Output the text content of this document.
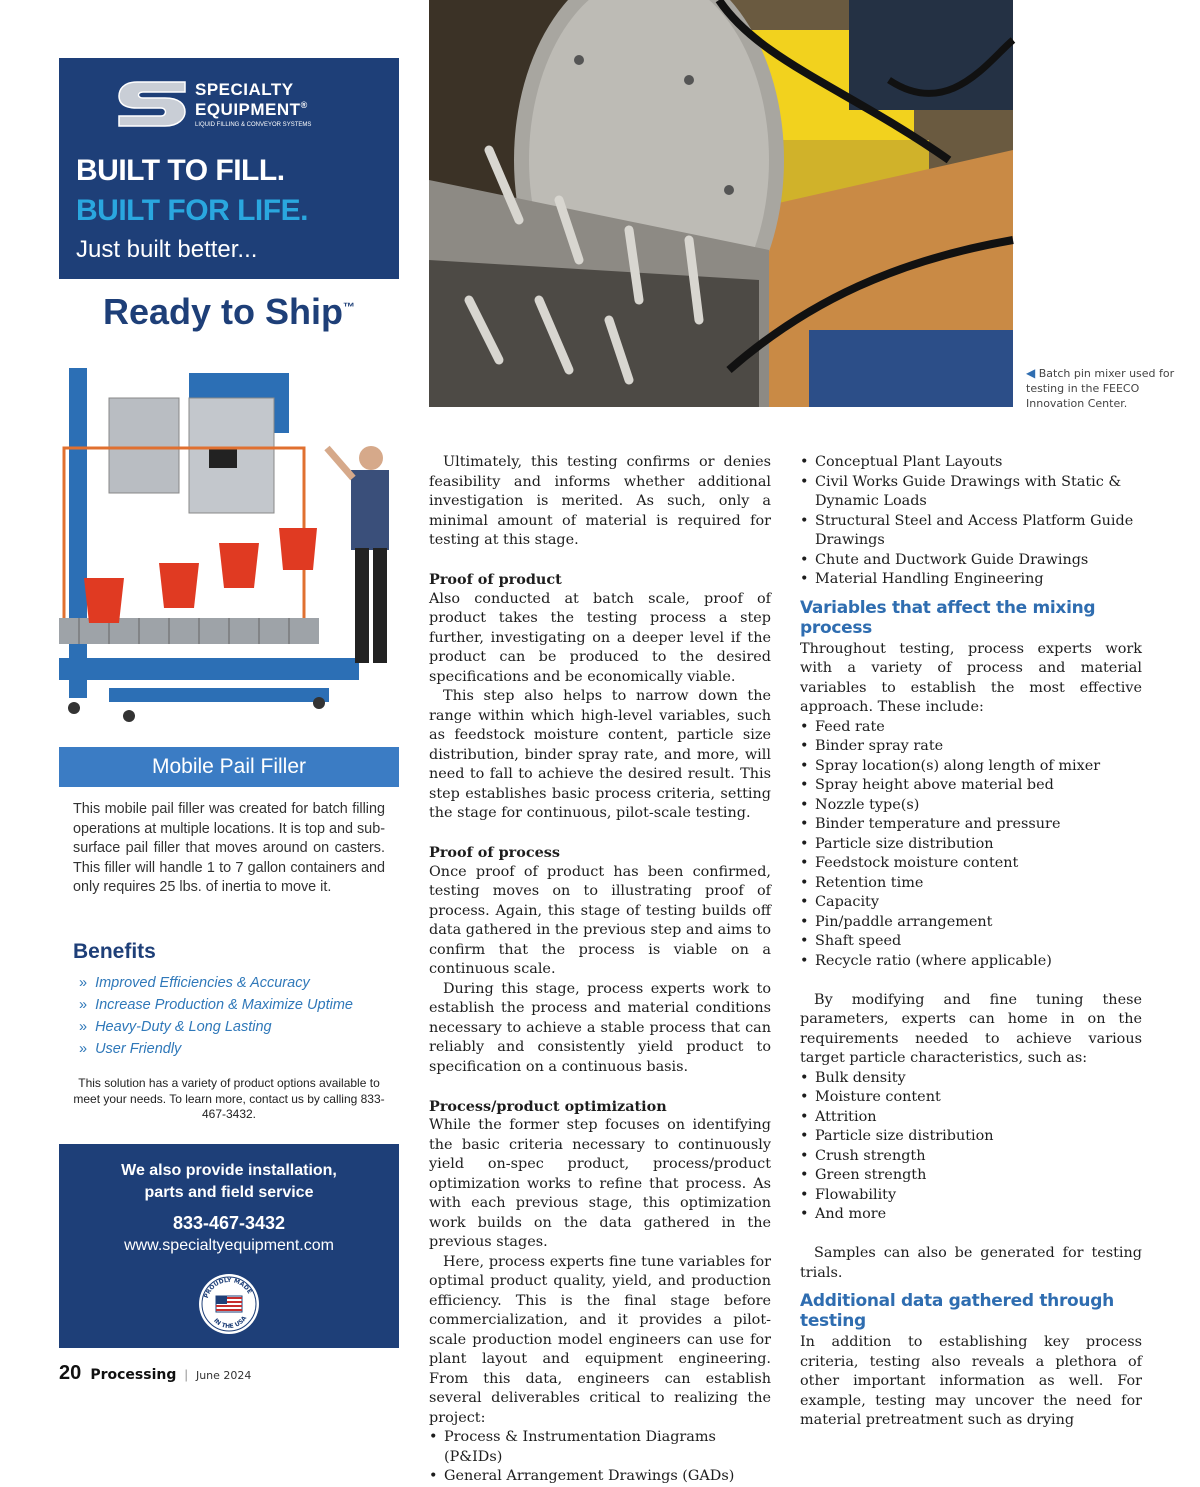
SPECIALTY
EQUIPMENT®
LIQUID FILLING & CONVEYOR SYSTEMS
BUILT TO FILL.
BUILT FOR LIFE.
Just built better...
Ready to Ship™
Mobile Pail Filler

This mobile pail filler was created for batch filling operations at multiple locations. It is top and sub-surface pail filler that moves around on casters. This filler will handle 1 to 7 gallon containers and only requires 25 lbs. of inertia to move it.

Benefits
» Improved Efficiencies & Accuracy
» Increase Production & Maximize Uptime
» Heavy-Duty & Long Lasting
» User Friendly

This solution has a variety of product options available to meet your needs. To learn more, contact us by calling 833-467-3432.

We also provide installation,
parts and field service
833-467-3432
www.specialtyequipment.com
PROUDLY MADE
IN THE USA
◀ Batch pin mixer used for testing in the FEECO Innovation Center.

Ultimately, this testing confirms or denies feasibility and informs whether additional investigation is merited. As such, only a minimal amount of material is required for testing at this stage.

Proof of product

Also conducted at batch scale, proof of product takes the testing process a step further, investigating on a deeper level if the product can be produced to the desired specifications and be economically viable.

This step also helps to narrow down the range within which high-level variables, such as feedstock moisture content, particle size distribution, binder spray rate, and more, will need to fall to achieve the desired result. This step establishes basic process criteria, setting the stage for continuous, pilot-scale testing.

Proof of process

Once proof of product has been confirmed, testing moves on to illustrating proof of process. Again, this stage of testing builds off data gathered in the previous step and aims to confirm that the process is viable on a continuous scale.

During this stage, process experts work to establish the process and material conditions necessary to achieve a stable process that can reliably and consistently yield product to specification on a continuous basis.

Process/product optimization

While the former step focuses on identifying the basic criteria necessary to continuously yield on-spec product, process/product optimization works to refine that process. As with each previous stage, this optimization work builds on the data gathered in the previous stages.

Here, process experts fine tune variables for optimal product quality, yield, and production efficiency. This is the final stage before commercialization, and it provides a pilot-scale production model engineers can use for plant layout and equipment engineering. From this data, engineers can establish several deliverables critical to realizing the project:

• Process & Instrumentation Diagrams (P&IDs)
• General Arrangement Drawings (GADs)
• Conceptual Plant Layouts
• Civil Works Guide Drawings with Static & Dynamic Loads
• Structural Steel and Access Platform Guide Drawings
• Chute and Ductwork Guide Drawings
• Material Handling Engineering
Variables that affect the mixing process

Throughout testing, process experts work with a variety of process and material variables to establish the most effective approach. These include:

• Feed rate
• Binder spray rate
• Spray location(s) along length of mixer
• Spray height above material bed
• Nozzle type(s)
• Binder temperature and pressure
• Particle size distribution
• Feedstock moisture content
• Retention time
• Capacity
• Pin/paddle arrangement
• Shaft speed
• Recycle ratio (where applicable)

By modifying and fine tuning these parameters, experts can home in on the requirements needed to achieve various target particle characteristics, such as:

• Bulk density
• Moisture content
• Attrition
• Particle size distribution
• Crush strength
• Green strength
• Flowability
• And more

Samples can also be generated for testing trials.

Additional data gathered through testing

In addition to establishing key process criteria, testing also reveals a plethora of other important information as well. For example, testing may uncover the need for material pretreatment such as drying

20 Processing | June 2024
